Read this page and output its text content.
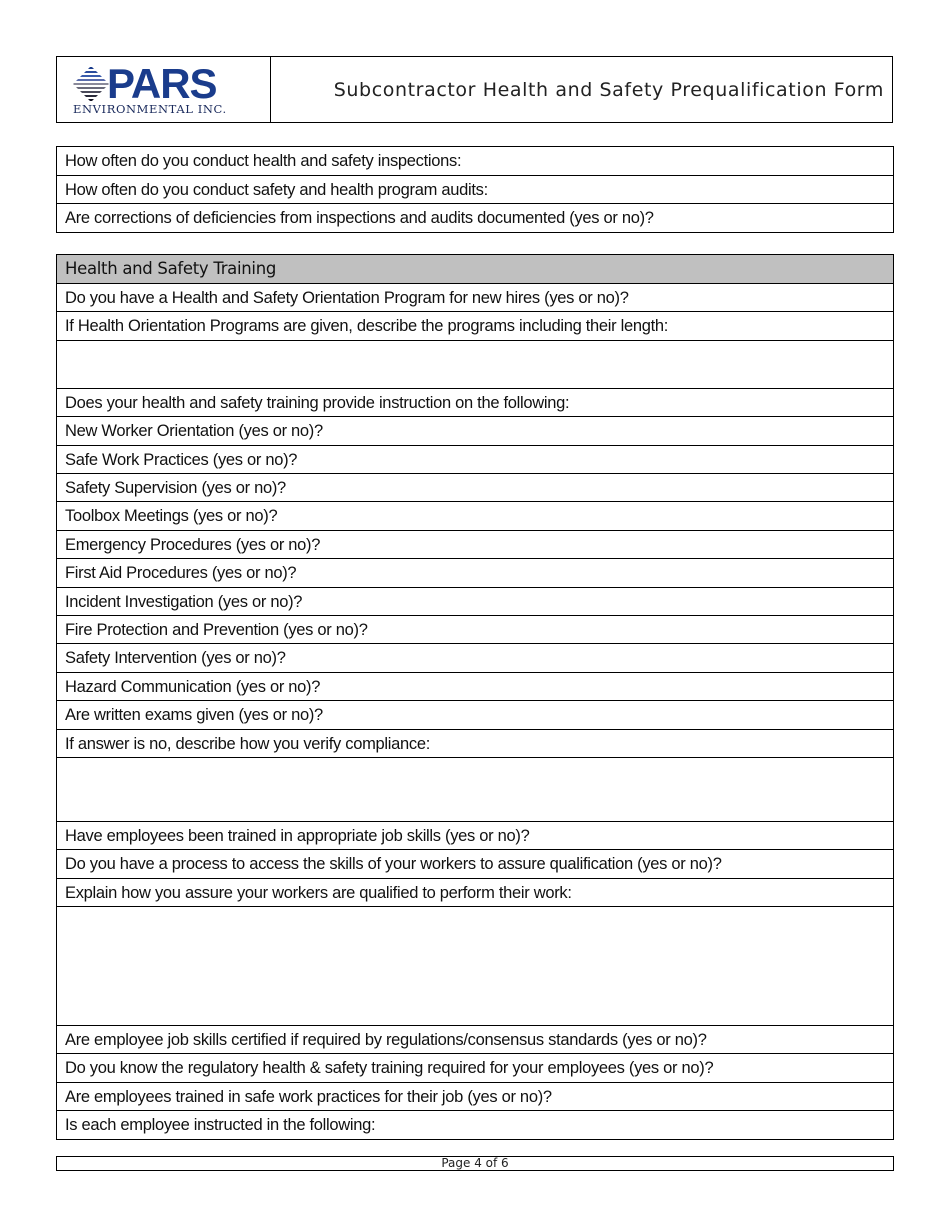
PARS
ENVIRONMENTAL INC.
Subcontractor Health and Safety Prequalification Form
How often do you conduct health and safety inspections:
How often do you conduct safety and health program audits:
Are corrections of deficiencies from inspections and audits documented (yes or no)?
Health and Safety Training
Do you have a Health and Safety Orientation Program for new hires (yes or no)?
If Health Orientation Programs are given, describe the programs including their length:

Does your health and safety training provide instruction on the following:
New Worker Orientation (yes or no)?
Safe Work Practices (yes or no)?
Safety Supervision (yes or no)?
Toolbox Meetings (yes or no)?
Emergency Procedures (yes or no)?
First Aid Procedures (yes or no)?
Incident Investigation (yes or no)?
Fire Protection and Prevention (yes or no)?
Safety Intervention (yes or no)?
Hazard Communication (yes or no)?
Are written exams given (yes or no)?
If answer is no, describe how you verify compliance:

Have employees been trained in appropriate job skills (yes or no)?
Do you have a process to access the skills of your workers to assure qualification (yes or no)?
Explain how you assure your workers are qualified to perform their work:

Are employee job skills certified if required by regulations/consensus standards (yes or no)?
Do you know the regulatory health & safety training required for your employees (yes or no)?
Are employees trained in safe work practices for their job (yes or no)?
Is each employee instructed in the following:
Page 4 of 6
